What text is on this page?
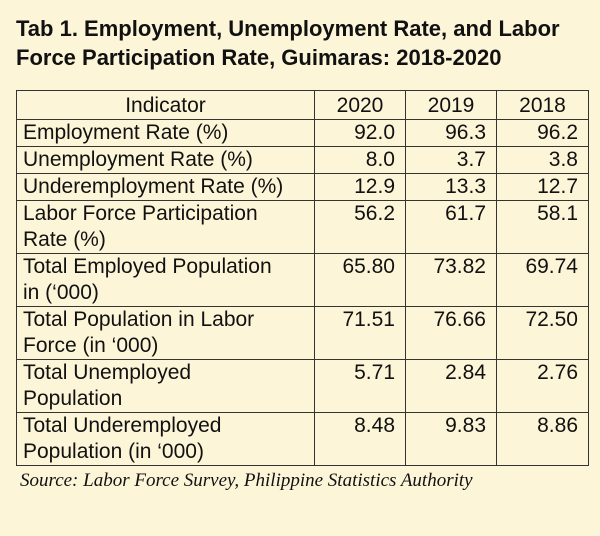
Tab 1. Employment, Unemployment Rate, and Labor
Force Participation Rate, Guimaras: 2018-2020
Indicator	2020	2019	2018
Employment Rate (%)	92.0	96.3	96.2
Unemployment Rate (%)	8.0	3.7	3.8
Underemployment Rate (%)	12.9	13.3	12.7
Labor Force Participation
Rate (%)	56.2	61.7	58.1
Total Employed Population
in (‘000)	65.80	73.82	69.74
Total Population in Labor
Force (in ‘000)	71.51	76.66	72.50
Total Unemployed
Population	5.71	2.84	2.76
Total Underemployed
Population (in ‘000)	8.48	9.83	8.86

Source: Labor Force Survey, Philippine Statistics Authority
